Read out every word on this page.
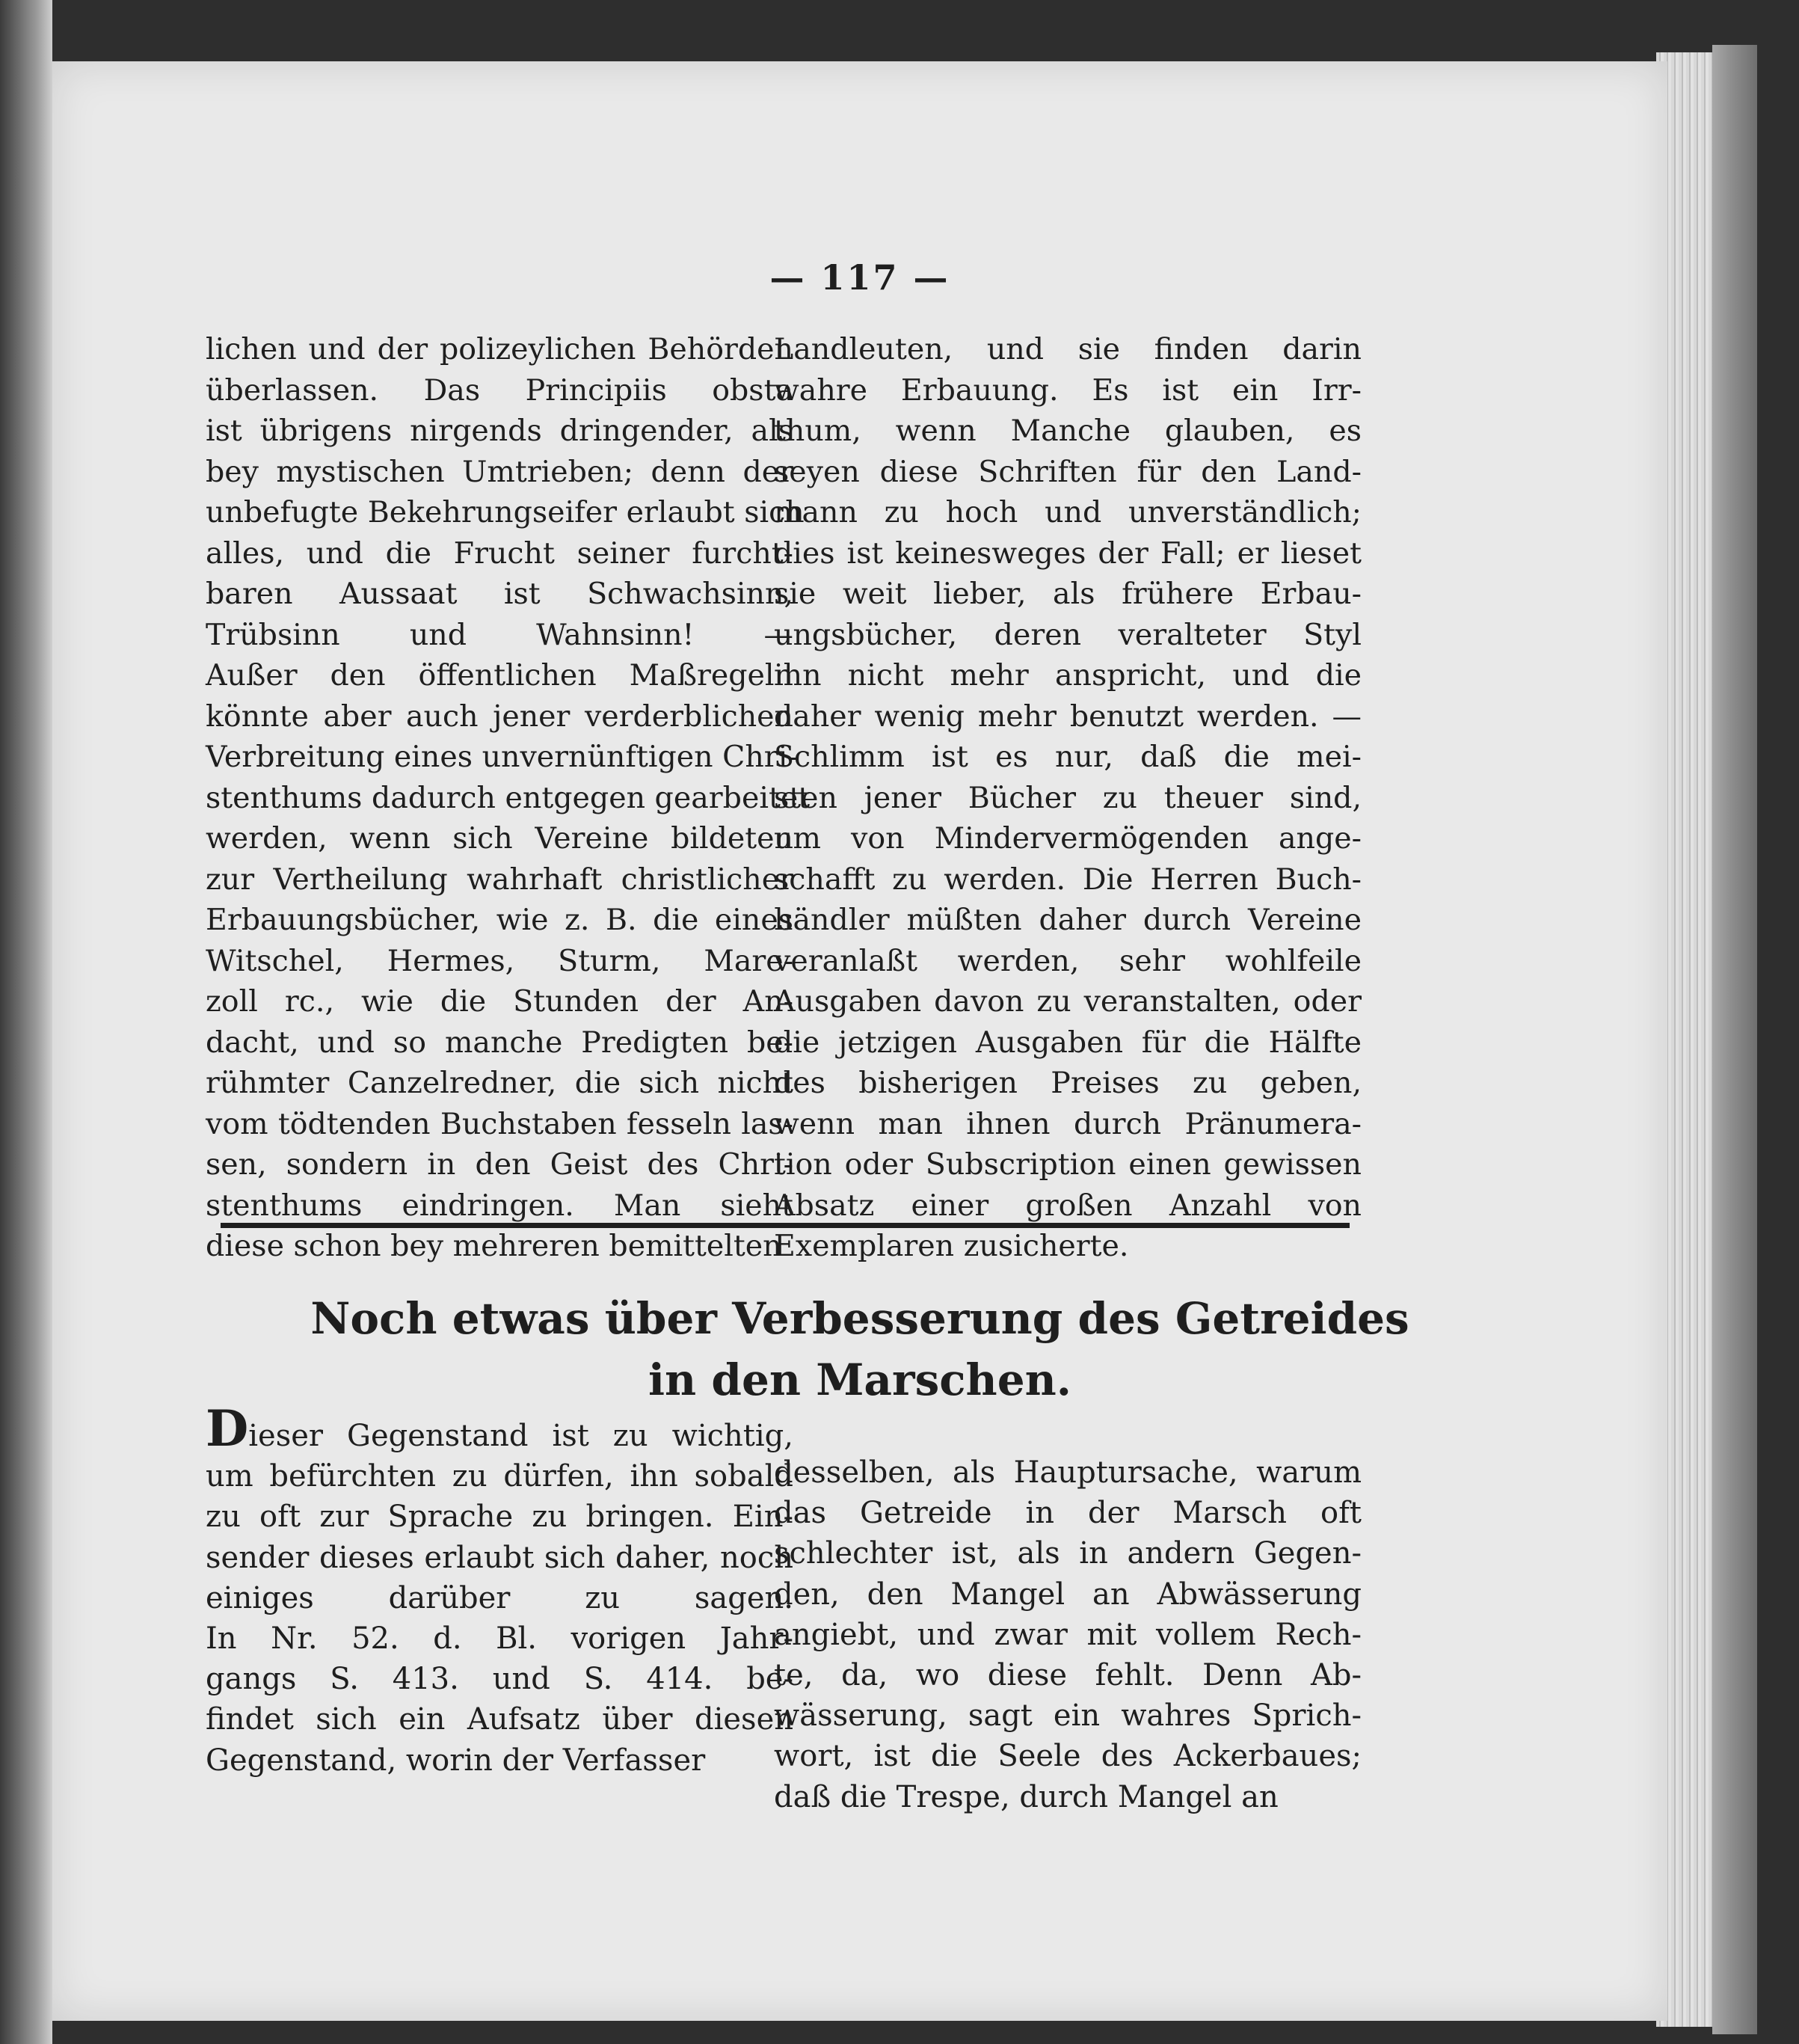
— 117 —
lichen und der polizeylichen Behörden
überlassen. Das Principiis obsta
ist übrigens nirgends dringender, als
bey mystischen Umtrieben; denn der
unbefugte Bekehrungseifer erlaubt sich
alles, und die Frucht seiner furcht-
baren Aussaat ist Schwachsinn,
Trübsinn und Wahnsinn! —
Außer den öffentlichen Maßregeln
könnte aber auch jener verderblichen
Verbreitung eines unvernünftigen Chri-
stenthums dadurch entgegen gearbeitet
werden, wenn sich Vereine bildeten
zur Vertheilung wahrhaft christlicher
Erbauungsbücher, wie z. B. die eines
Witschel, Hermes, Sturm, Mare-
zoll rc., wie die Stunden der An-
dacht, und so manche Predigten be-
rühmter Canzelredner, die sich nicht
vom tödtenden Buchstaben fesseln las-
sen, sondern in den Geist des Chri-
stenthums eindringen. Man sieht
diese schon bey mehreren bemittelten
Landleuten, und sie finden darin
wahre Erbauung. Es ist ein Irr-
thum, wenn Manche glauben, es
seyen diese Schriften für den Land-
mann zu hoch und unverständlich;
dies ist keinesweges der Fall; er lieset
sie weit lieber, als frühere Erbau-
ungsbücher, deren veralteter Styl
ihn nicht mehr anspricht, und die
daher wenig mehr benutzt werden. —
Schlimm ist es nur, daß die mei-
sten jener Bücher zu theuer sind,
um von Mindervermögenden ange-
schafft zu werden. Die Herren Buch-
händler müßten daher durch Vereine
veranlaßt werden, sehr wohlfeile
Ausgaben davon zu veranstalten, oder
die jetzigen Ausgaben für die Hälfte
des bisherigen Preises zu geben,
wenn man ihnen durch Pränumera-
tion oder Subscription einen gewissen
Absatz einer großen Anzahl von
Exemplaren zusicherte.
Noch etwas über Verbesserung des Getreides
in den Marschen.
Dieser Gegenstand ist zu wichtig,
um befürchten zu dürfen, ihn sobald
zu oft zur Sprache zu bringen. Ein-
sender dieses erlaubt sich daher, noch
einiges darüber zu sagen.
In Nr. 52. d. Bl. vorigen Jahr-
gangs S. 413. und S. 414. be-
findet sich ein Aufsatz über diesen
Gegenstand, worin der Verfasser
desselben, als Hauptursache, warum
das Getreide in der Marsch oft
schlechter ist, als in andern Gegen-
den, den Mangel an Abwässerung
angiebt, und zwar mit vollem Rech-
te, da, wo diese fehlt. Denn Ab-
wässerung, sagt ein wahres Sprich-
wort, ist die Seele des Ackerbaues;
daß die Trespe, durch Mangel an
